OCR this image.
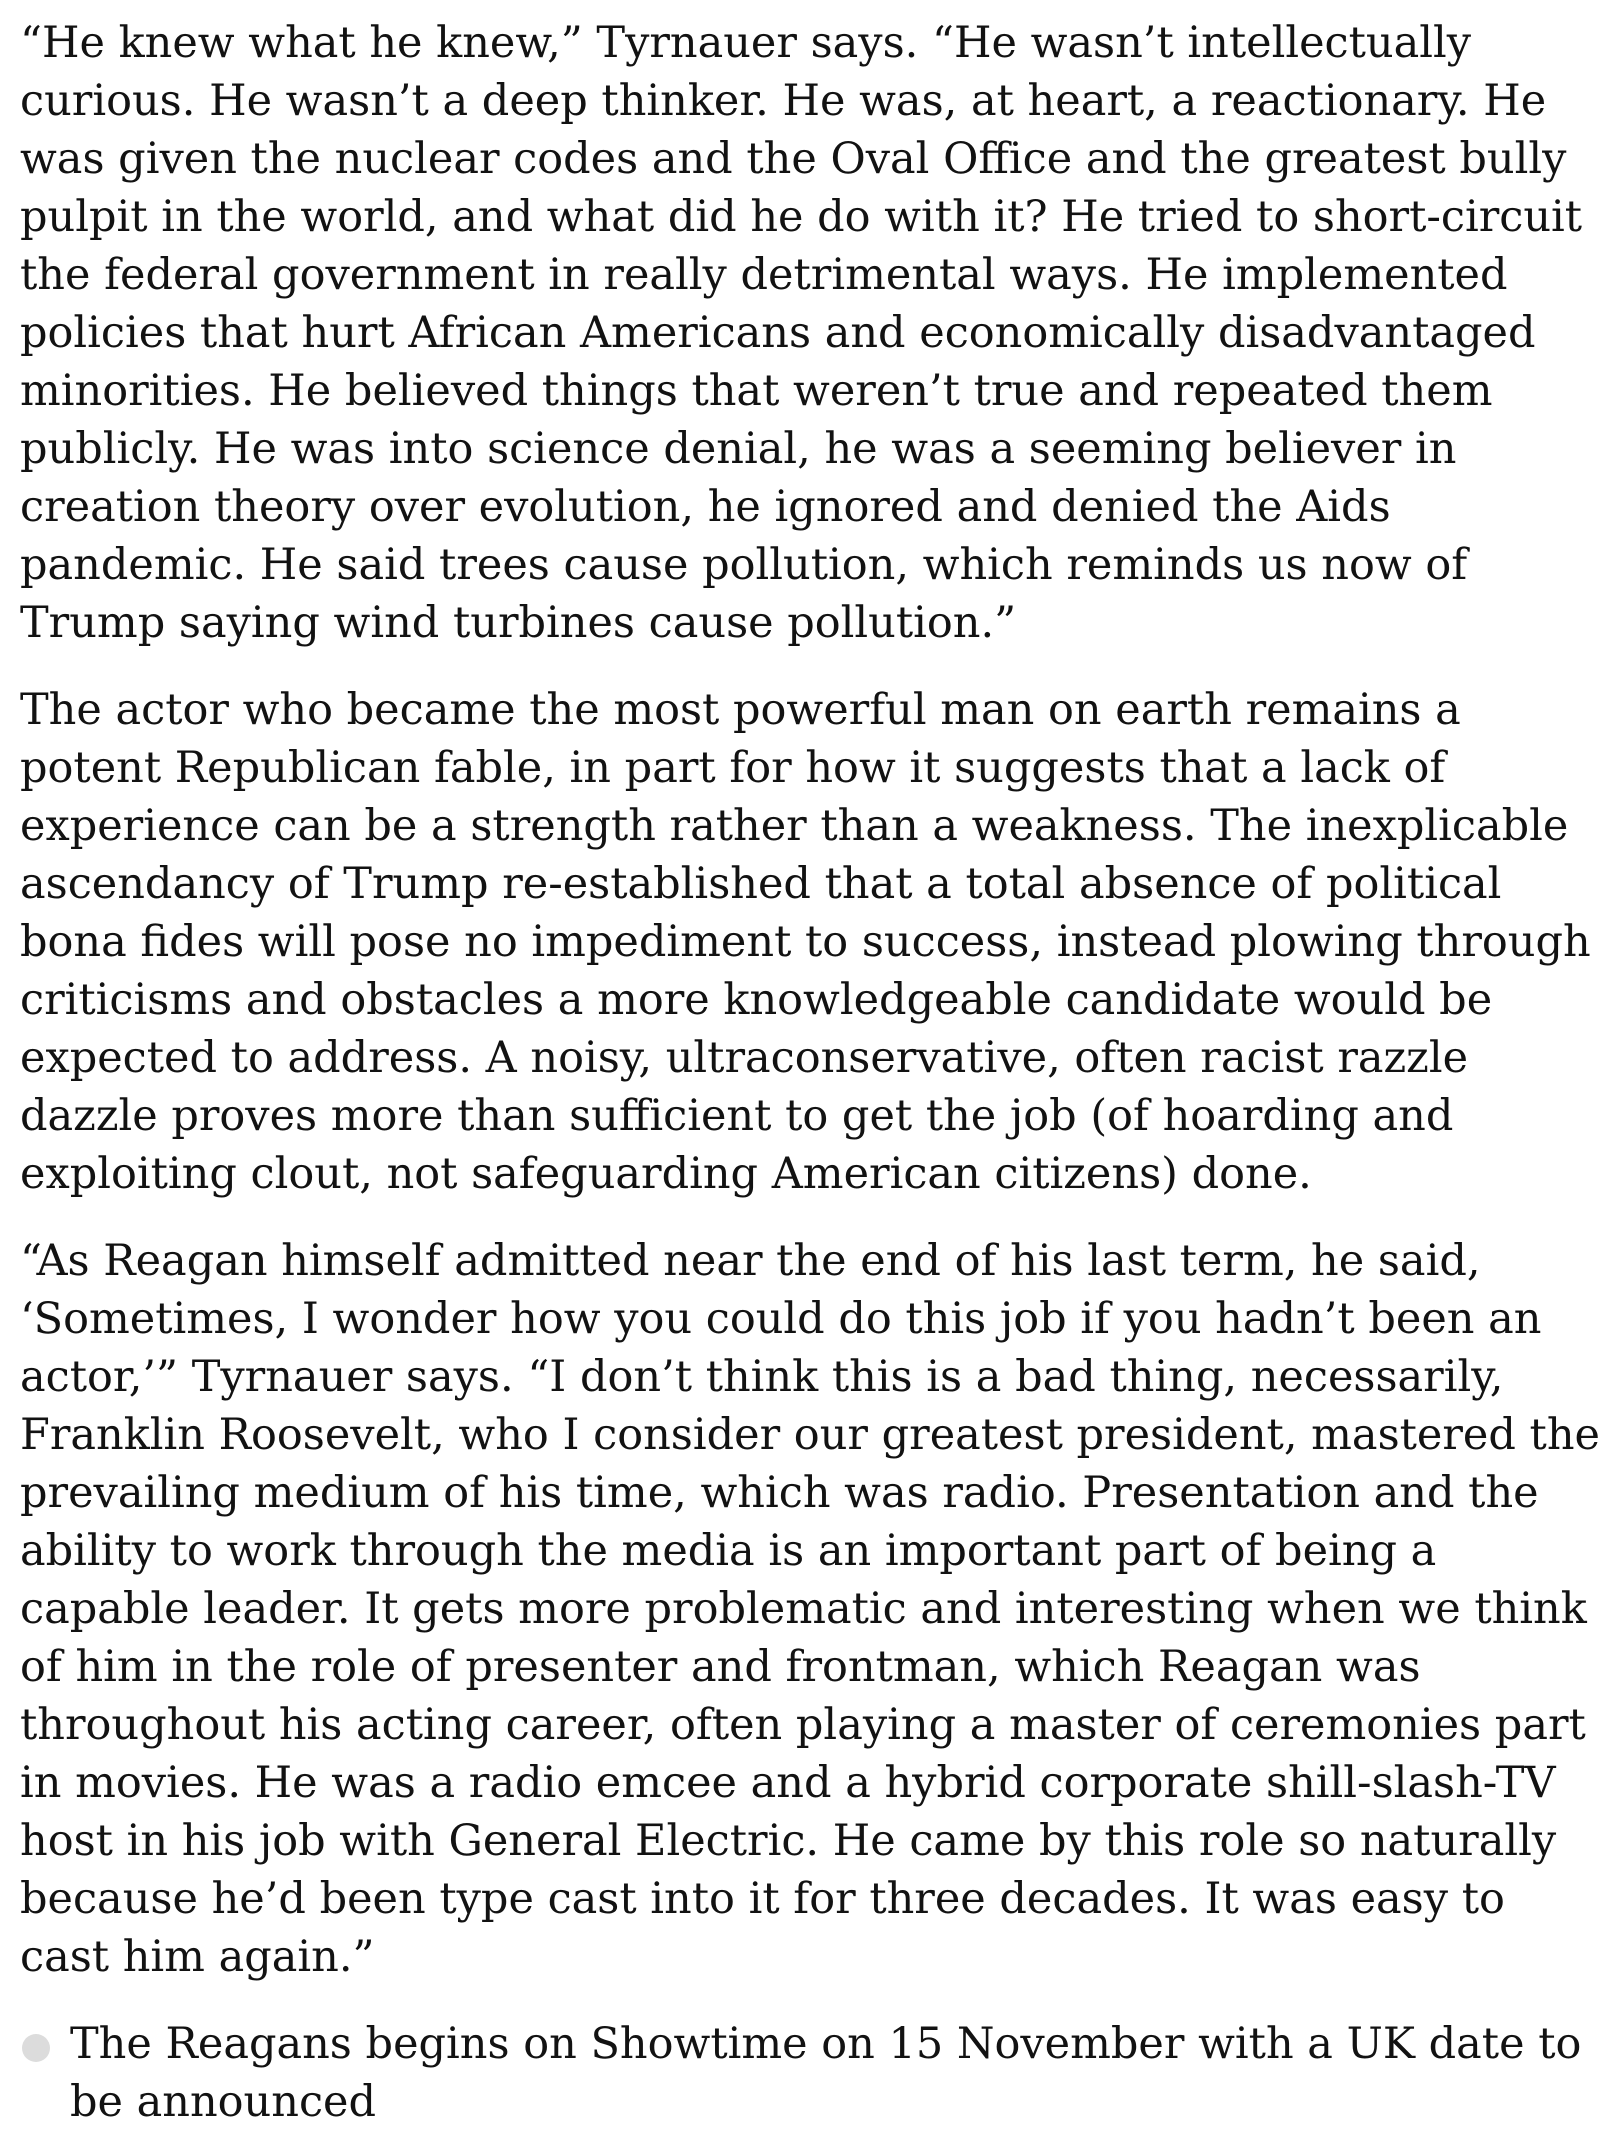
“He knew what he knew,” Tyrnauer says. “He wasn’t intellectually curious. He wasn’t a deep thinker. He was, at heart, a reactionary. He was given the nuclear codes and the Oval Office and the greatest bully pulpit in the world, and what did he do with it? He tried to short-circuit the federal government in really detrimental ways. He implemented policies that hurt African Americans and economically disadvantaged minorities. He believed things that weren’t true and repeated them publicly. He was into science denial, he was a seeming believer in creation theory over evolution, he ignored and denied the Aids pandemic. He said trees cause pollution, which reminds us now of Trump saying wind turbines cause pollution.”

The actor who became the most powerful man on earth remains a potent Republican fable, in part for how it suggests that a lack of experience can be a strength rather than a weakness. The inexplicable ascendancy of Trump re-established that a total absence of political bona fides will pose no impediment to success, instead plowing through criticisms and obstacles a more knowledgeable candidate would be expected to address. A noisy, ultraconservative, often racist razzle dazzle proves more than sufficient to get the job (of hoarding and exploiting clout, not safeguarding American citizens) done.

“As Reagan himself admitted near the end of his last term, he said, ‘Sometimes, I wonder how you could do this job if you hadn’t been an actor,’” Tyrnauer says. “I don’t think this is a bad thing, necessarily, Franklin Roosevelt, who I consider our greatest president, mastered the prevailing medium of his time, which was radio. Presentation and the ability to work through the media is an important part of being a capable leader. It gets more problematic and interesting when we think of him in the role of presenter and frontman, which Reagan was throughout his acting career, often playing a master of ceremonies part in movies. He was a radio emcee and a hybrid corporate shill-slash-TV host in his job with General Electric. He came by this role so naturally because he’d been type cast into it for three decades. It was easy to cast him again.”

The Reagans begins on Showtime on 15 November with a UK date to be announced
